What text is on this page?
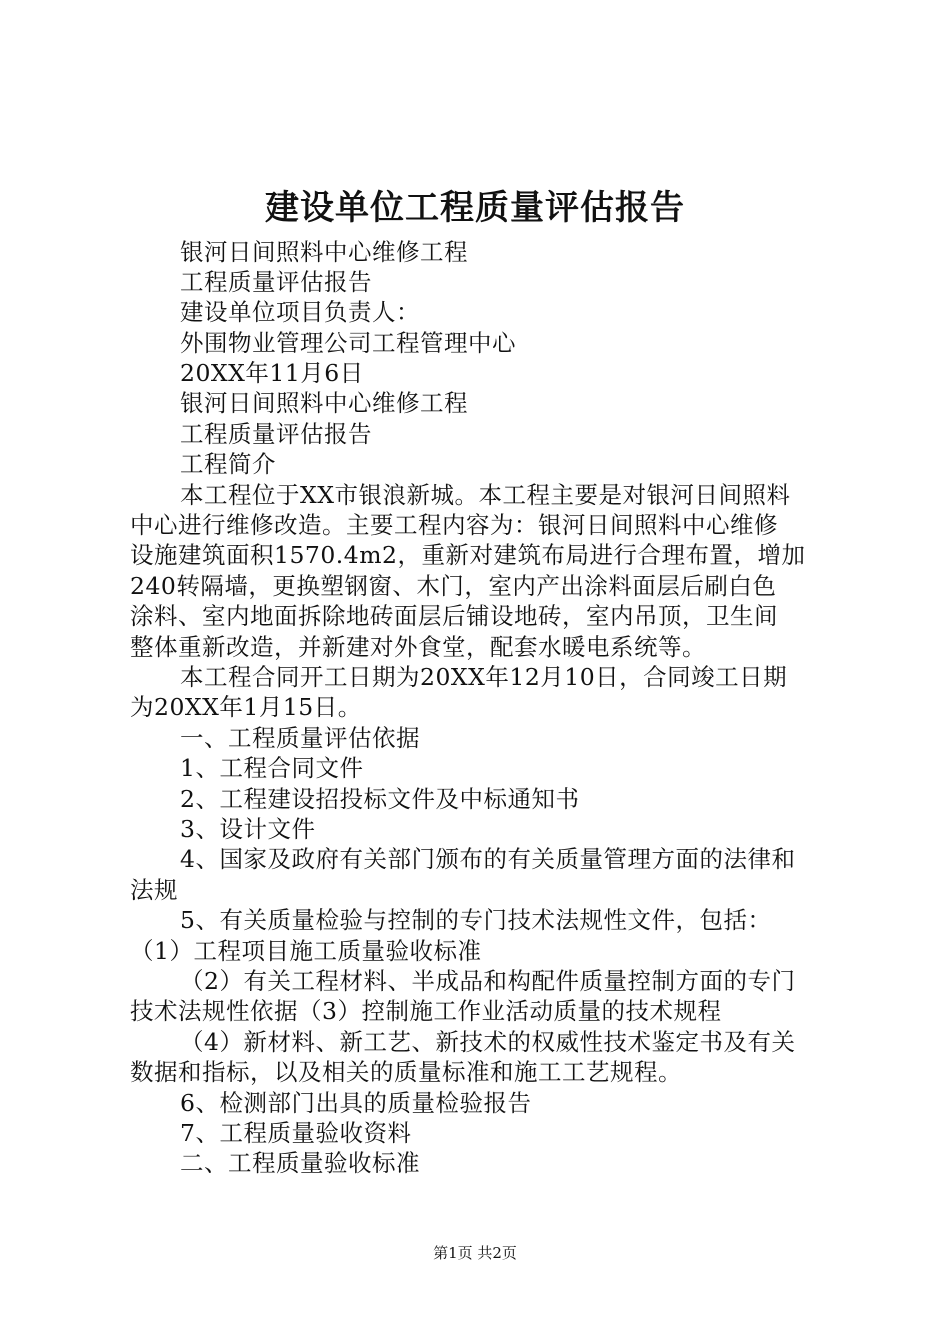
建设单位工程质量评估报告
银河日间照料中心维修工程
工程质量评估报告
建设单位项目负责人：
外围物业管理公司工程管理中心
20XX年11月6日
银河日间照料中心维修工程
工程质量评估报告
工程简介
本工程位于XX市银浪新城。本工程主要是对银河日间照料
中心进行维修改造。主要工程内容为：银河日间照料中心维修
设施建筑面积1570.4m2，重新对建筑布局进行合理布置，增加
240转隔墙，更换塑钢窗、木门，室内产出涂料面层后刷白色
涂料、室内地面拆除地砖面层后铺设地砖，室内吊顶，卫生间
整体重新改造，并新建对外食堂，配套水暖电系统等。
本工程合同开工日期为20XX年12月10日，合同竣工日期
为20XX年1月15日。
一、工程质量评估依据
1、工程合同文件
2、工程建设招投标文件及中标通知书
3、设计文件
4、国家及政府有关部门颁布的有关质量管理方面的法律和
法规
5、有关质量检验与控制的专门技术法规性文件，包括：
（1）工程项目施工质量验收标准
（2）有关工程材料、半成品和构配件质量控制方面的专门
技术法规性依据（3）控制施工作业活动质量的技术规程
（4）新材料、新工艺、新技术的权威性技术鉴定书及有关
数据和指标，以及相关的质量标准和施工工艺规程。
6、检测部门出具的质量检验报告
7、工程质量验收资料
二、工程质量验收标准
第1页 共2页
